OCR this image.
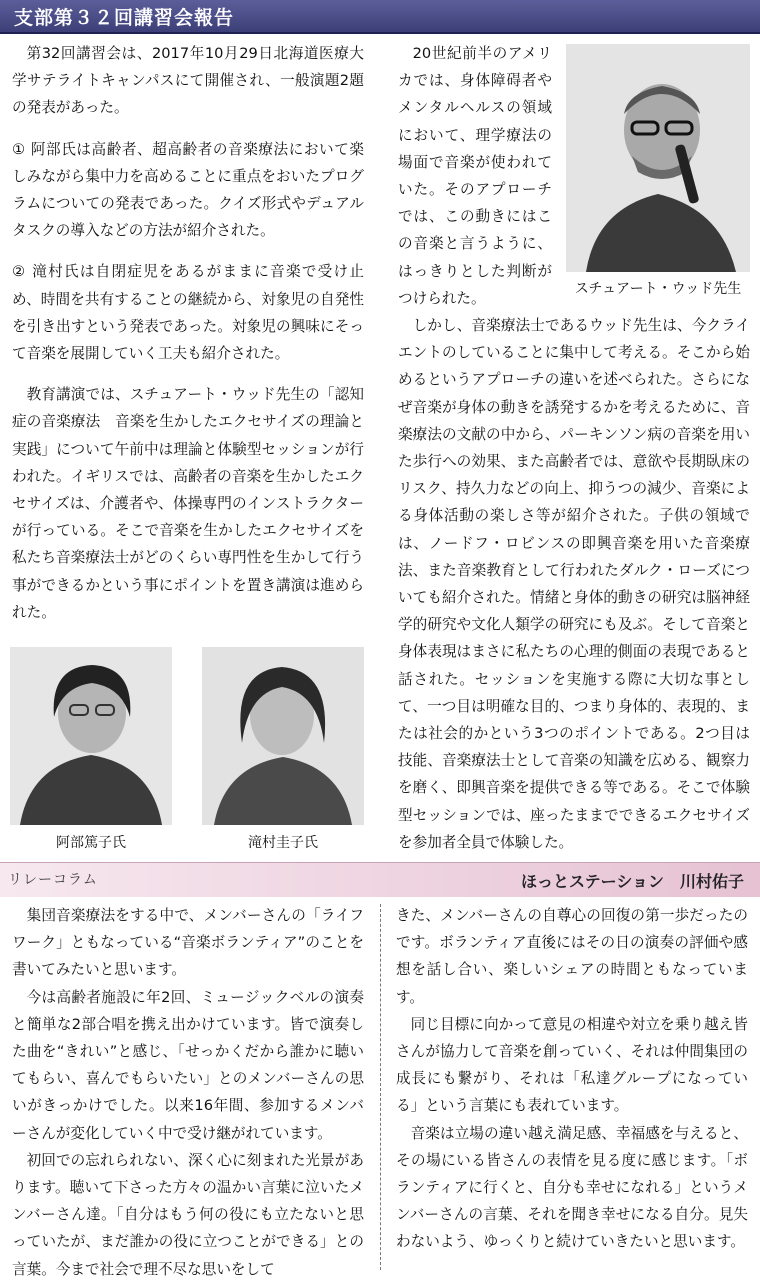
支部第３２回講習会報告

第32回講習会は、2017年10月29日北海道医療大学サテライトキャンパスにて開催され、一般演題2題の発表があった。

① 阿部氏は高齢者、超高齢者の音楽療法において楽しみながら集中力を高めることに重点をおいたプログラムについての発表であった。クイズ形式やデュアルタスクの導入などの方法が紹介された。

② 滝村氏は自閉症児をあるがままに音楽で受け止め、時間を共有することの継続から、対象児の自発性を引き出すという発表であった。対象児の興味にそって音楽を展開していく工夫も紹介された。

教育講演では、スチュアート・ウッド先生の「認知症の音楽療法　音楽を生かしたエクセサイズの理論と実践」について午前中は理論と体験型セッションが行われた。イギリスでは、高齢者の音楽を生かしたエクセサイズは、介護者や、体操専門のインストラクターが行っている。そこで音楽を生かしたエクセサイズを私たち音楽療法士がどのくらい専門性を生かして行う事ができるかという事にポイントを置き講演は進められた。

20世紀前半のアメリカでは、身体障碍者やメンタルヘルスの領域において、理学療法の場面で音楽が使われていた。そのアプローチでは、この動きにはこの音楽と言うように、はっきりとした判断がつけられた。

スチュアート・ウッド先生

しかし、音楽療法士であるウッド先生は、今クライエントのしていることに集中して考える。そこから始めるというアプローチの違いを述べられた。さらになぜ音楽が身体の動きを誘発するかを考えるために、音楽療法の文献の中から、パーキンソン病の音楽を用いた歩行への効果、また高齢者では、意欲や長期臥床のリスク、持久力などの向上、抑うつの減少、音楽による身体活動の楽しさ等が紹介された。子供の領域では、ノードフ・ロビンスの即興音楽を用いた音楽療法、また音楽教育として行われたダルク・ローズについても紹介された。情緒と身体的動きの研究は脳神経学的研究や文化人類学の研究にも及ぶ。そして音楽と身体表現はまさに私たちの心理的側面の表現であると話された。セッションを実施する際に大切な事として、一つ目は明確な目的、つまり身体的、表現的、または社会的かという3つのポイントである。2つ目は技能、音楽療法士として音楽の知識を広める、観察力を磨く、即興音楽を提供できる等である。そこで体験型セッションでは、座ったままでできるエクセサイズを参加者全員で体験した。

阿部篤子氏	滝村圭子氏
リレーコラム	ほっとステーション　川村佑子

集団音楽療法をする中で、メンバーさんの「ライフワーク」ともなっている“音楽ボランティア”のことを書いてみたいと思います。

今は高齢者施設に年2回、ミュージックベルの演奏と簡単な2部合唱を携え出かけています。皆で演奏した曲を“きれい”と感じ、「せっかくだから誰かに聴いてもらい、喜んでもらいたい」とのメンバーさんの思いがきっかけでした。以来16年間、参加するメンバーさんが変化していく中で受け継がれています。

初回での忘れられない、深く心に刻まれた光景があります。聴いて下さった方々の温かい言葉に泣いたメンバーさん達。「自分はもう何の役にも立たないと思っていたが、まだ誰かの役に立つことができる」との言葉。今まで社会で理不尽な思いをして

きた、メンバーさんの自尊心の回復の第一歩だったのです。ボランティア直後にはその日の演奏の評価や感想を話し合い、楽しいシェアの時間ともなっています。

同じ目標に向かって意見の相違や対立を乗り越え皆さんが協力して音楽を創っていく、それは仲間集団の成長にも繋がり、それは「私達グループになっている」という言葉にも表れています。

音楽は立場の違い越え満足感、幸福感を与えると、その場にいる皆さんの表情を見る度に感じます。「ボランティアに行くと、自分も幸せになれる」というメンバーさんの言葉、それを聞き幸せになる自分。見失わないよう、ゆっくりと続けていきたいと思います。
